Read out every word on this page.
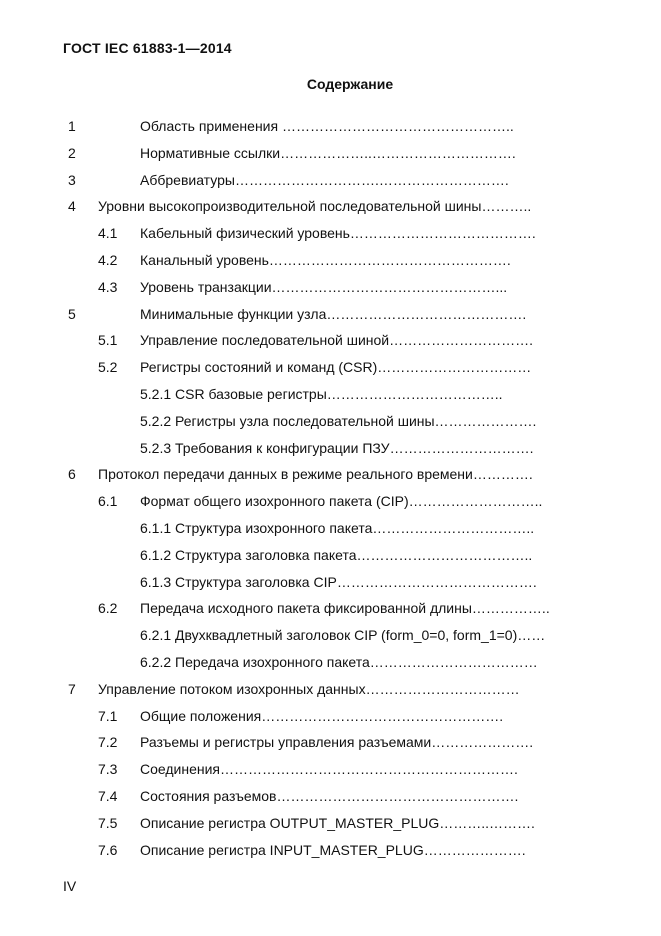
ГОСТ IEC 61883-1—2014
Содержание
1	Область применения …………………………………………..
2	Нормативные ссылки………………..………………………….
3	Аббревиатуры………………………….……………………….
4 Уровни высокопроизводительной последовательной шины………..
4.1 Кабельный физический уровень………………………………….
4.2 Канальный уровень…………………………………………….
4.3 Уровень транзакции…………………………………………...
5	Минимальные функции узла…………………………………….
5.1 Управление последовательной шиной………………………….
5.2 Регистры состояний и команд (CSR)……………………………
5.2.1 CSR базовые регистры………………………………..
5.2.2 Регистры узла последовательной шины………………….
5.2.3 Требования к конфигурации ПЗУ………………………….
6 Протокол передачи данных в режиме реального времени………….
6.1 Формат общего изохронного пакета (CIP)………………………..
6.1.1 Структура изохронного пакета……………………………..
6.1.2 Структура заголовка пакета………………………………..
6.1.3 Структура заголовка CIP…………………………………….
6.2 Передача исходного пакета фиксированной длины……………..
6.2.1 Двухквадлетный заголовок CIP (form_0=0, form_1=0)……
6.2.2 Передача изохронного пакета………………………………
7 Управление потоком изохронных данных……………………………
7.1 Общие положения…………………………………………….
7.2 Разъемы и регистры управления разъемами………………….
7.3 Соединения……………………………………………………….
7.4 Состояния разъемов…………………………………………….
7.5 Описание регистра OUTPUT_MASTER_PLUG………..……….
7.6 Описание регистра INPUT_MASTER_PLUG………………….
IV
